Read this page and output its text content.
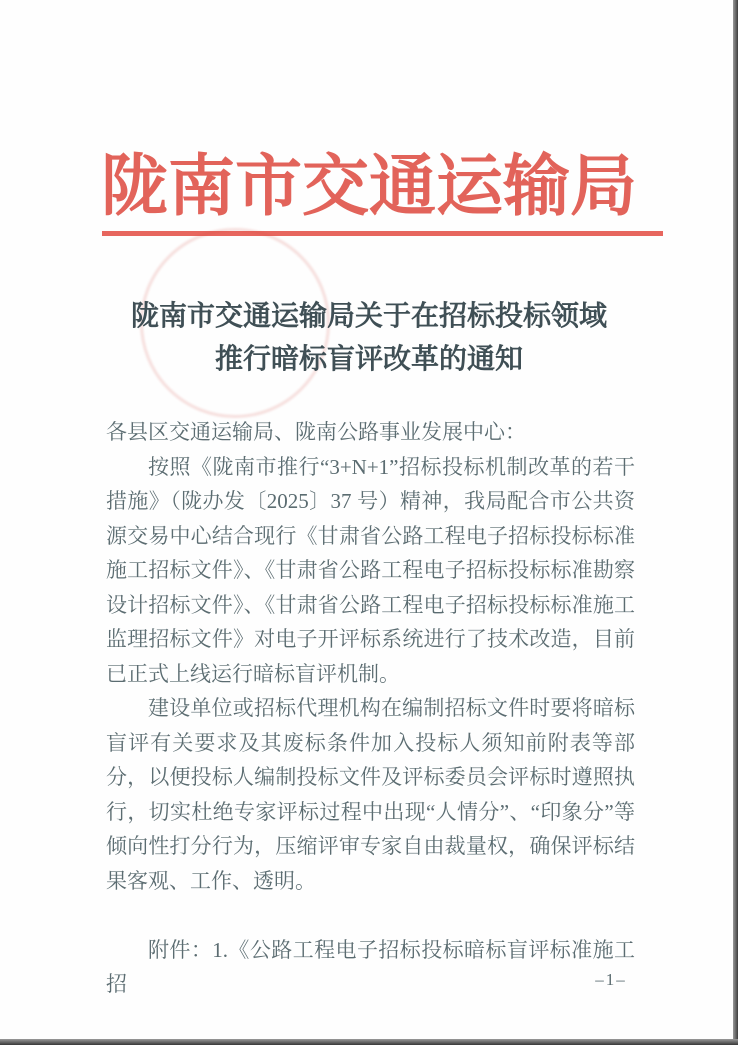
陇南市交通运输局
陇南市交通运输局关于在招标投标领域
推行暗标盲评改革的通知

各县区交通运输局、陇南公路事业发展中心：

按照《陇南市推行“3+N+1”招标投标机制改革的若干措施》（陇办发〔2025〕37 号）精神，我局配合市公共资源交易中心结合现行《甘肃省公路工程电子招标投标标准施工招标文件》、《甘肃省公路工程电子招标投标标准勘察设计招标文件》、《甘肃省公路工程电子招标投标标准施工监理招标文件》对电子开评标系统进行了技术改造，目前已正式上线运行暗标盲评机制。

建设单位或招标代理机构在编制招标文件时要将暗标盲评有关要求及其废标条件加入投标人须知前附表等部分，以便投标人编制投标文件及评标委员会评标时遵照执行，切实杜绝专家评标过程中出现“人情分”、“印象分”等倾向性打分行为，压缩评审专家自由裁量权，确保评标结果客观、工作、透明。

附件：1.《公路工程电子招标投标暗标盲评标准施工招	–1–
